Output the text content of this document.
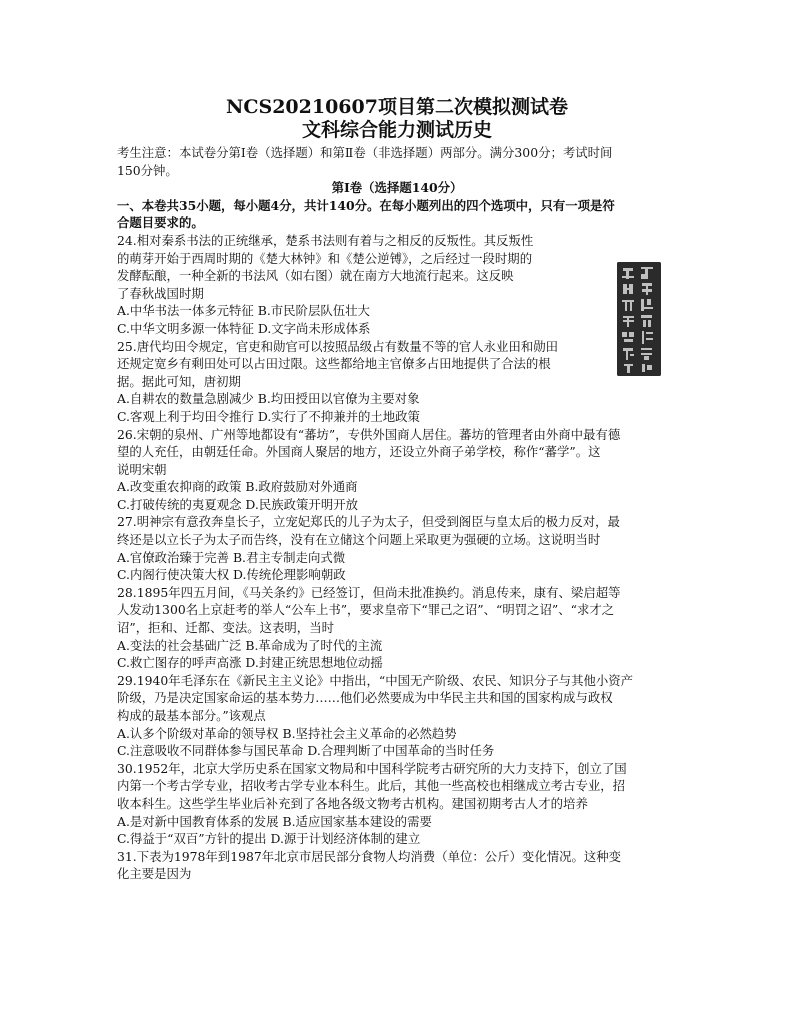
NCS20210607项目第二次模拟测试卷

文科综合能力测试历史

考生注意：本试卷分第Ⅰ卷（选择题）和第Ⅱ卷（非选择题）两部分。满分300分；考试时间

150分钟。

第Ⅰ卷（选择题140分）

一、本卷共35小题，每小题4分，共计140分。在每小题列出的四个选项中，只有一项是符

合题目要求的。

24.相对秦系书法的正统继承，楚系书法则有着与之相反的反叛性。其反叛性

的萌芽开始于西周时期的《楚大林钟》和《楚公逆镈》，之后经过一段时期的

发酵酝酿，一种全新的书法风（如右图）就在南方大地流行起来。这反映

了春秋战国时期

A.中华书法一体多元特征 B.市民阶层队伍壮大

C.中华文明多源一体特征 D.文字尚未形成体系

25.唐代均田令规定，官吏和勋官可以按照品级占有数量不等的官人永业田和勋田

还规定宽乡有剩田处可以占田过限。这些都给地主官僚多占田地提供了合法的根

据。据此可知，唐初期

A.自耕农的数量急剧减少 B.均田授田以官僚为主要对象

C.客观上利于均田令推行 D.实行了不抑兼并的土地政策

26.宋朝的泉州、广州等地都设有“蕃坊”，专供外国商人居住。蕃坊的管理者由外商中最有德

望的人充任，由朝廷任命。外国商人聚居的地方，还设立外商子弟学校，称作“蕃学”。这

说明宋朝

A.改变重农抑商的政策 B.政府鼓励对外通商

C.打破传统的夷夏观念 D.民族政策开明开放

27.明神宗有意孜奔皇长子，立宠妃郑氏的儿子为太子，但受到阁臣与皇太后的极力反对，最

终还是以立长子为太子而告终，没有在立储这个问题上采取更为强硬的立场。这说明当时

A.官僚政治臻于完善 B.君主专制走向式微

C.内阁行使决策大权 D.传统伦理影响朝政

28.1895年四五月间，《马关条约》已经签订，但尚未批准换约。消息传来，康有、梁启超等

人发动1300名上京赶考的举人“公车上书”，要求皇帝下“罪己之诏”、“明罚之诏”、“求才之

诏”，拒和、迁都、变法。这表明，当时

A.变法的社会基础广泛 B.革命成为了时代的主流

C.救亡图存的呼声高涨 D.封建正统思想地位动摇

29.1940年毛泽东在《新民主主义论》中指出，“中国无产阶级、农民、知识分子与其他小资产

阶级，乃是决定国家命运的基本势力……他们必然要成为中华民主共和国的国家构成与政权

构成的最基本部分。”该观点

A.认多个阶级对革命的领导权 B.坚持社会主义革命的必然趋势

C.注意吸收不同群体参与国民革命 D.合理判断了中国革命的当时任务

30.1952年，北京大学历史系在国家文物局和中国科学院考古研究所的大力支持下，创立了国

内第一个考古学专业，招收考古学专业本科生。此后，其他一些高校也相继成立考古专业，招

收本科生。这些学生毕业后补充到了各地各级文物考古机构。建国初期考古人才的培养

A.是对新中国教育体系的发展 B.适应国家基本建设的需要

C.得益于“双百”方针的提出 D.源于计划经济体制的建立

31.下表为1978年到1987年北京市居民部分食物人均消费（单位：公斤）变化情况。这种变

化主要是因为
